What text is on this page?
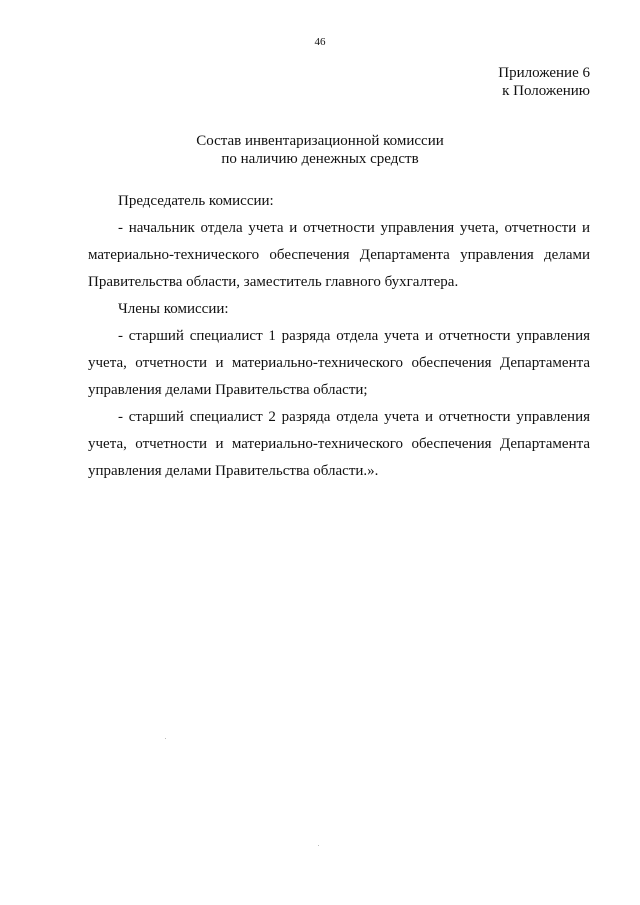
46
Приложение 6
к Положению
Состав инвентаризационной комиссии
по наличию денежных средств

Председатель комиссии:

- начальник отдела учета и отчетности управления учета, отчетности и материально-технического обеспечения Департамента управления делами Правительства области, заместитель главного бухгалтера.

Члены комиссии:

- старший специалист 1 разряда отдела учета и отчетности управления учета, отчетности и материально-технического обеспечения Департамента управления делами Правительства области;

- старший специалист 2 разряда отдела учета и отчетности управления учета, отчетности и материально-технического обеспечения Департамента управления делами Правительства области.».
